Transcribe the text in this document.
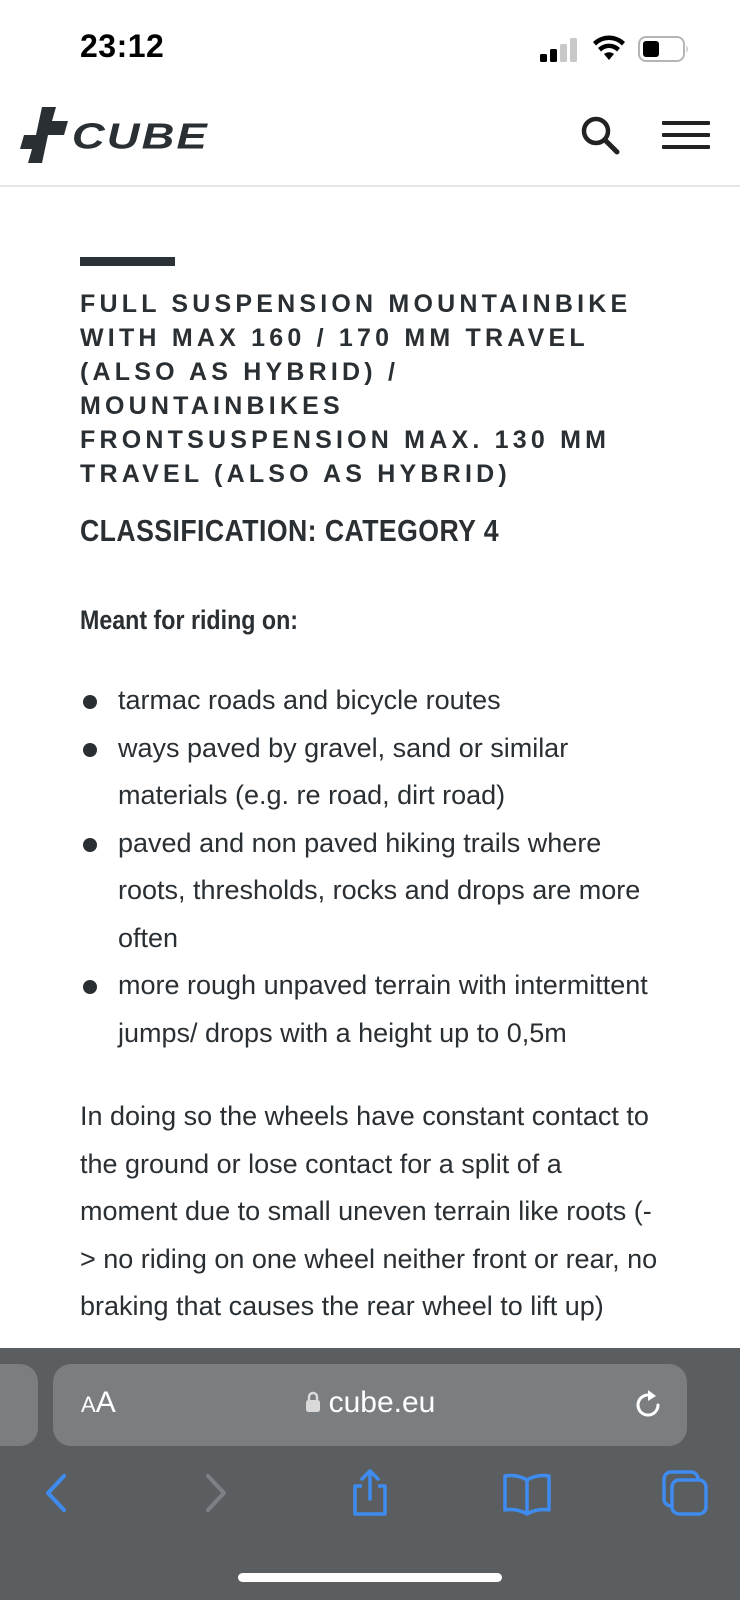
23:12
CUBE
FULL SUSPENSION MOUNTAINBIKE WITH MAX 160 / 170 MM TRAVEL (ALSO AS HYBRID) / MOUNTAINBIKES FRONTSUSPENSION MAX. 130 MM TRAVEL (ALSO AS HYBRID)
CLASSIFICATION: CATEGORY 4

Meant for riding on:

tarmac roads and bicycle routes
ways paved by gravel, sand or similar
materials (e.g. re road, dirt road)
paved and non paved hiking trails where
roots, thresholds, rocks and drops are more
often
more rough unpaved terrain with intermittent
jumps/ drops with a height up to 0,5m
In doing so the wheels have constant contact to
the ground or lose contact for a split of a
moment due to small uneven terrain like roots (-
> no riding on one wheel neither front or rear, no
braking that causes the rear wheel to lift up)
AA	cube.eu
